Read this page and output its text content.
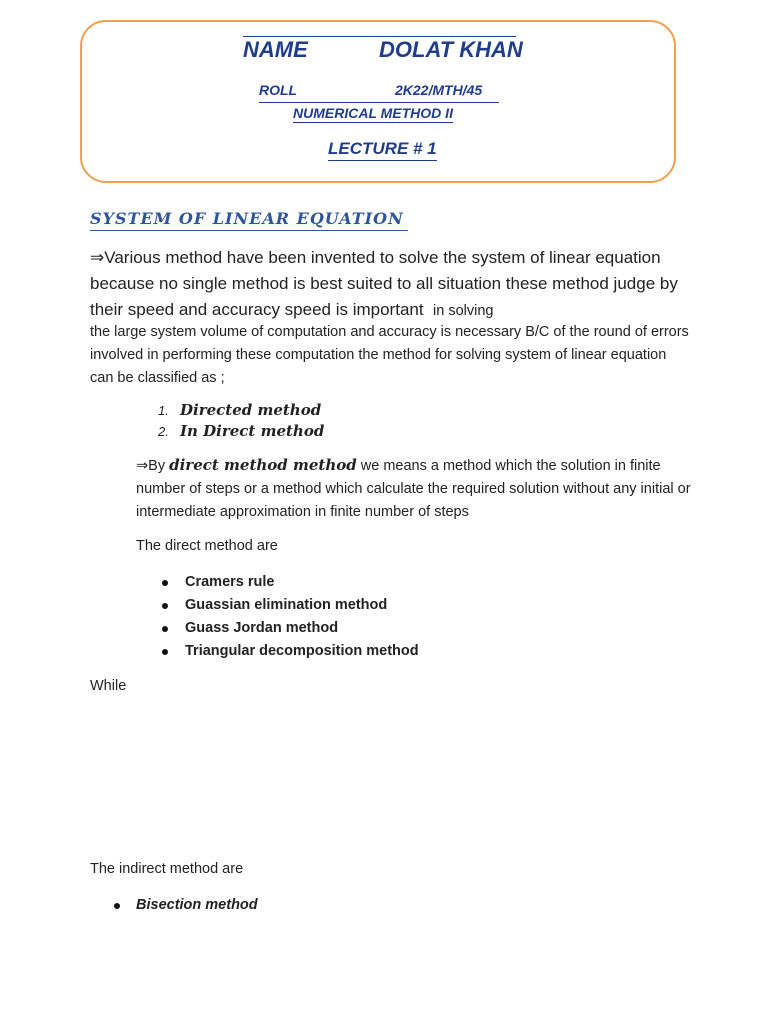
NAME	DOLAT KHAN
ROLL	2K22/MTH/45
NUMERICAL METHOD II
LECTURE # 1
SYSTEM OF LINEAR EQUATION
⇒Various method have been invented to solve the system of linear equation because no single method is best suited to all situation these method judge by their speed and accuracy speed is important in solving
the large system volume of computation and accuracy is necessary B/C of the round of errors involved in performing these computation the method for solving system of linear equation can be classified as ;
1. Directed method
2. In Direct method
⇒By direct method method we means a method which the solution in finite number of steps or a method which calculate the required solution without any initial or intermediate approximation in finite number of steps
The direct method are
Cramers rule
Guassian elimination method
Guass Jordan method
Triangular decomposition method
While
The indirect method are
Bisection method
